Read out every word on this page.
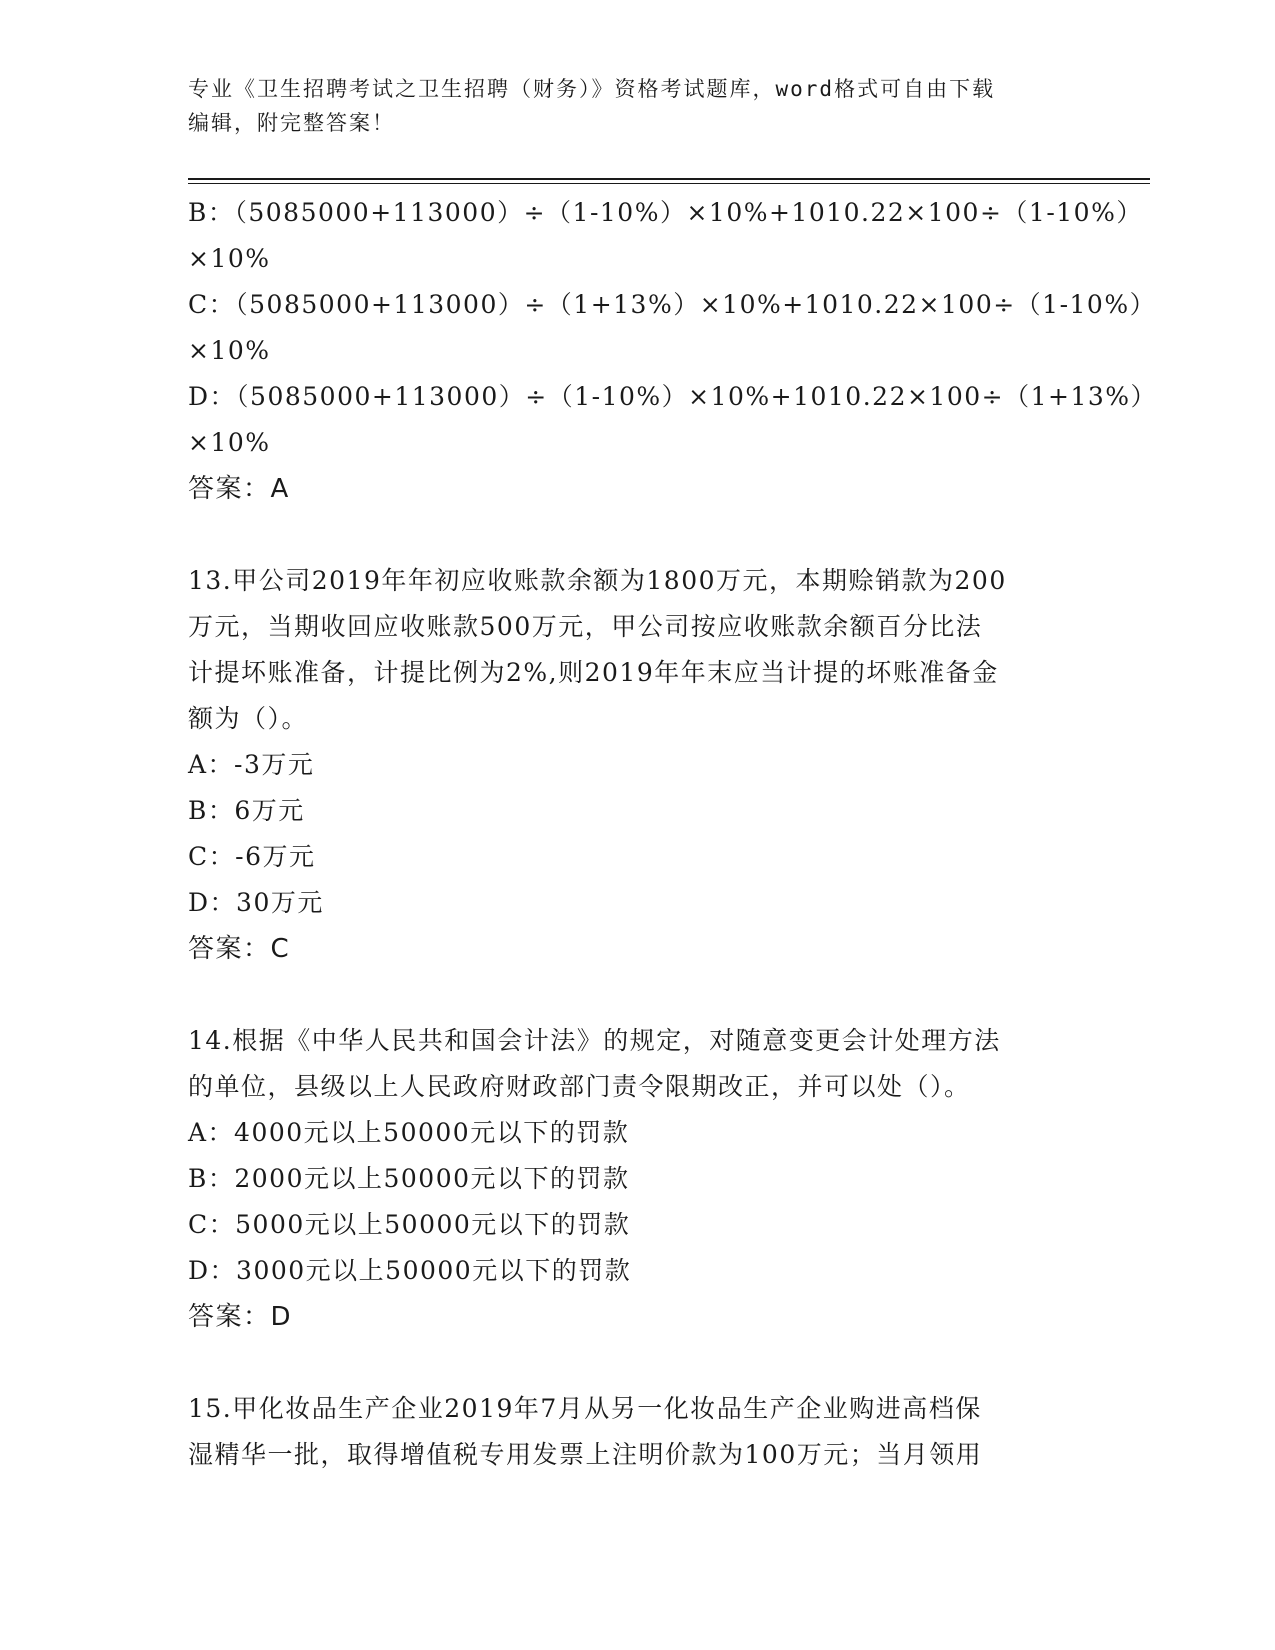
专业《卫生招聘考试之卫生招聘（财务）》资格考试题库，word格式可自由下载
编辑，附完整答案！
B：（5085000+113000）÷（1-10%）×10%+1010.22×100÷（1-10%）
×10%
C：（5085000+113000）÷（1+13%）×10%+1010.22×100÷（1-10%）
×10%
D：（5085000+113000）÷（1-10%）×10%+1010.22×100÷（1+13%）
×10%
答案：A
13.甲公司2019年年初应收账款余额为1800万元，本期赊销款为200
万元，当期收回应收账款500万元，甲公司按应收账款余额百分比法
计提坏账准备，计提比例为2%,则2019年年末应当计提的坏账准备金
额为（）。
A：-3万元
B：6万元
C：-6万元
D：30万元
答案：C
14.根据《中华人民共和国会计法》的规定，对随意变更会计处理方法
的单位，县级以上人民政府财政部门责令限期改正，并可以处（）。
A：4000元以上50000元以下的罚款
B：2000元以上50000元以下的罚款
C：5000元以上50000元以下的罚款
D：3000元以上50000元以下的罚款
答案：D
15.甲化妆品生产企业2019年7月从另一化妆品生产企业购进高档保
湿精华一批，取得增值税专用发票上注明价款为100万元；当月领用
